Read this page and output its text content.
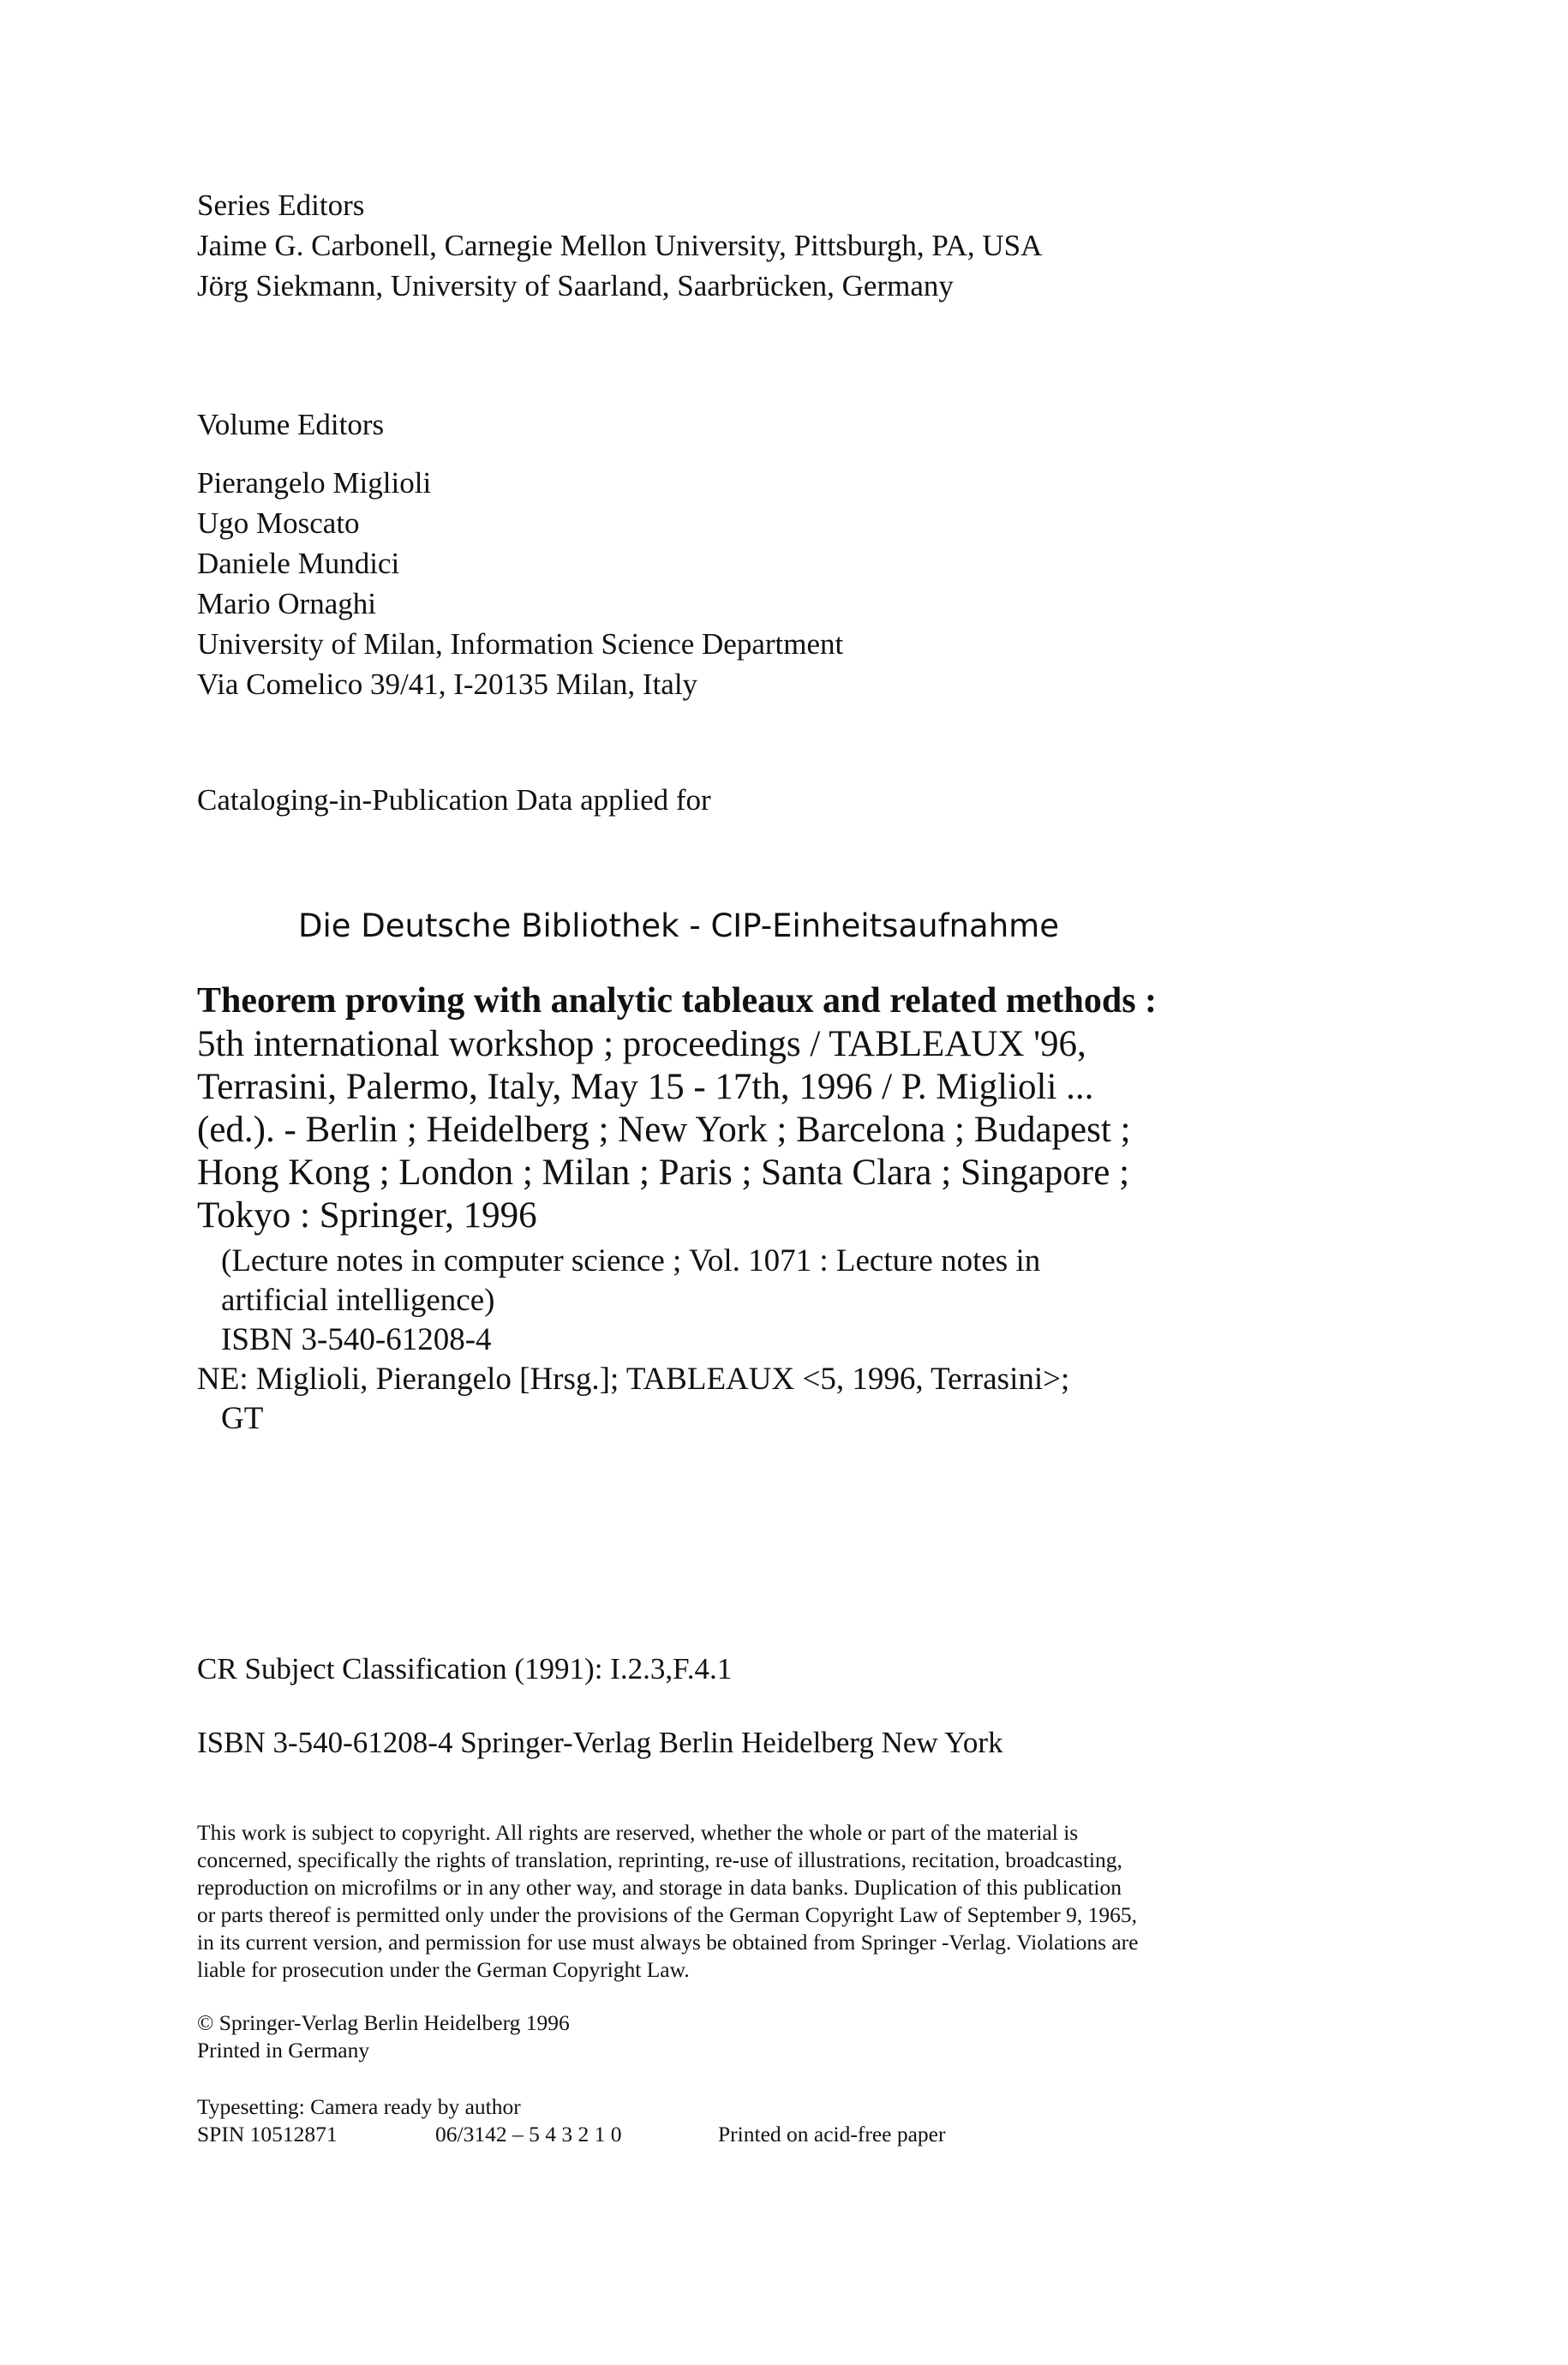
Series Editors

Jaime G. Carbonell, Carnegie Mellon University, Pittsburgh, PA, USA

Jörg Siekmann, University of Saarland, Saarbrücken, Germany

Volume Editors

Pierangelo Miglioli

Ugo Moscato

Daniele Mundici

Mario Ornaghi

University of Milan, Information Science Department

Via Comelico 39/41, I-20135 Milan, Italy

Cataloging-in-Publication Data applied for

Die Deutsche Bibliothek - CIP-Einheitsaufnahme

Theorem proving with analytic tableaux and related methods :

5th international workshop ; proceedings / TABLEAUX '96,

Terrasini, Palermo, Italy, May 15 - 17th, 1996 / P. Miglioli ...

(ed.). - Berlin ; Heidelberg ; New York ; Barcelona ; Budapest ;

Hong Kong ; London ; Milan ; Paris ; Santa Clara ; Singapore ;

Tokyo : Springer, 1996

(Lecture notes in computer science ; Vol. 1071 : Lecture notes in

artificial intelligence)

ISBN 3-540-61208-4

NE: Miglioli, Pierangelo [Hrsg.]; TABLEAUX <5, 1996, Terrasini>;

GT

CR Subject Classification (1991): I.2.3,F.4.1

ISBN 3-540-61208-4 Springer-Verlag Berlin Heidelberg New York

This work is subject to copyright. All rights are reserved, whether the whole or part of the material is

concerned, specifically the rights of translation, reprinting, re-use of illustrations, recitation, broadcasting,

reproduction on microfilms or in any other way, and storage in data banks. Duplication of this publication

or parts thereof is permitted only under the provisions of the German Copyright Law of September 9, 1965,

in its current version, and permission for use must always be obtained from Springer -Verlag. Violations are

liable for prosecution under the German Copyright Law.

© Springer-Verlag Berlin Heidelberg 1996

Printed in Germany

Typesetting: Camera ready by author

SPIN 10512871	06/3142 – 5 4 3 2 1 0	Printed on acid-free paper
